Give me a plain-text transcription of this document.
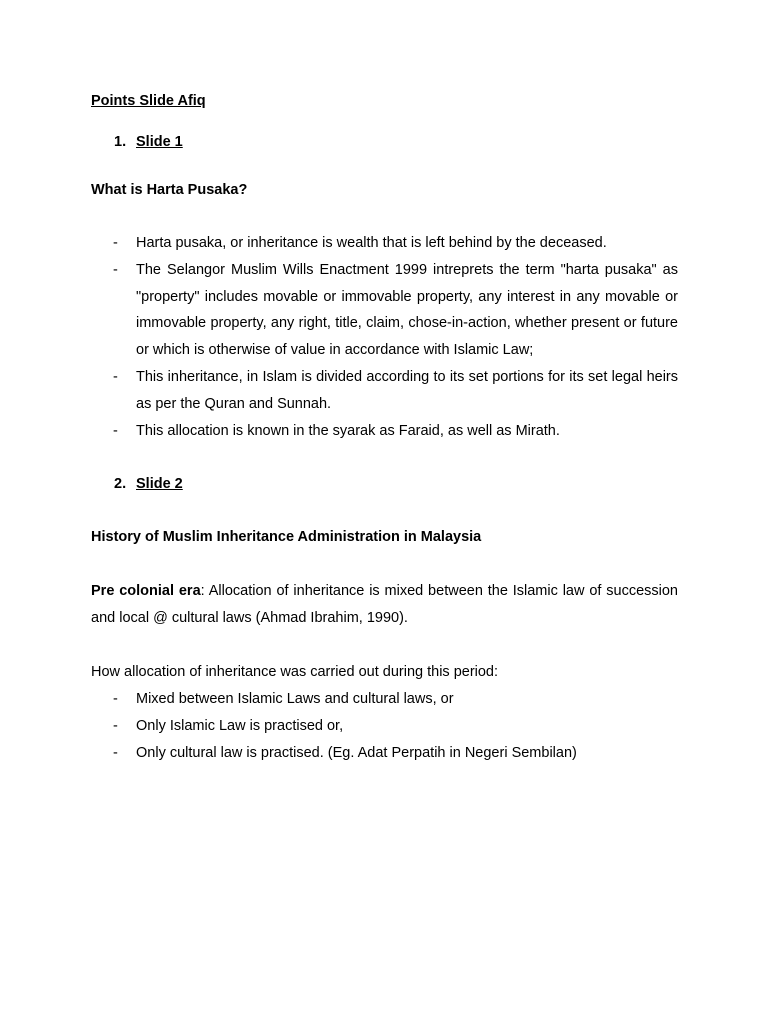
Points Slide Afiq
1. Slide 1
What is Harta Pusaka?
- Harta pusaka, or inheritance is wealth that is left behind by the deceased.
- The Selangor Muslim Wills Enactment 1999 intreprets the term "harta pusaka" as "property" includes movable or immovable property, any interest in any movable or immovable property, any right, title, claim, chose-in-action, whether present or future or which is otherwise of value in accordance with Islamic Law;
- This inheritance, in Islam is divided according to its set portions for its set legal heirs as per the Quran and Sunnah.
- This allocation is known in the syarak as Faraid, as well as Mirath.
2. Slide 2
History of Muslim Inheritance Administration in Malaysia

Pre colonial era: Allocation of inheritance is mixed between the Islamic law of succession and local @ cultural laws (Ahmad Ibrahim, 1990).

How allocation of inheritance was carried out during this period:

- Mixed between Islamic Laws and cultural laws, or
- Only Islamic Law is practised or,
- Only cultural law is practised. (Eg. Adat Perpatih in Negeri Sembilan)
